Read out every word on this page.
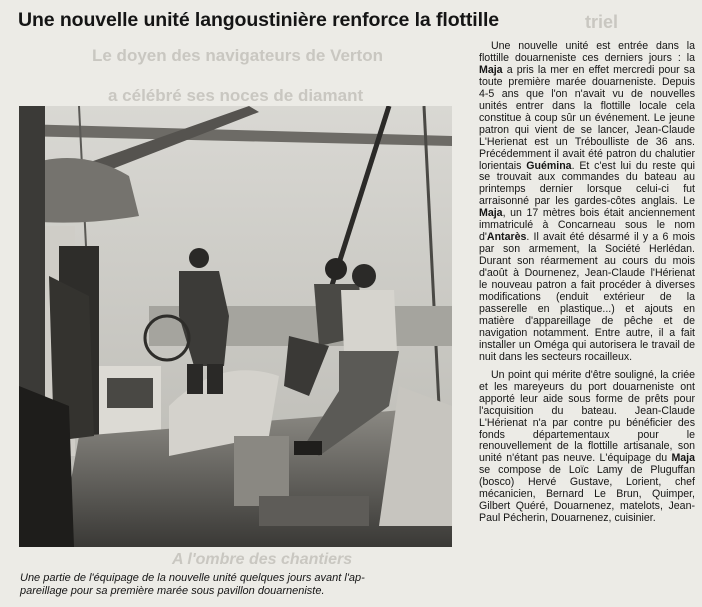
triel
Le doyen des navigateurs de Verton
a célébré ses noces de diamant
Une nouvelle unité langoustinière renforce la flottille
A l'ombre des chantiers

Une partie de l'équipage de la nouvelle unité quelques jours avant l'ap-
pareillage pour sa première marée sous pavillon douarneniste.

Une nouvelle unité est entrée dans la flottille douarneniste ces derniers jours : la Maja a pris la mer en effet mercredi pour sa toute première marée douarneniste. Depuis 4-5 ans que l'on n'avait vu de nouvelles unités entrer dans la flottille locale cela constitue à coup sûr un événement. Le jeune patron qui vient de se lancer, Jean-Claude L'Herienat est un Tréboulliste de 36 ans. Précédemment il avait été patron du chalutier lorientais Guémina. Et c'est lui du reste qui se trouvait aux commandes du bateau au printemps dernier lorsque celui-ci fut arraisonné par les gardes-côtes anglais. Le Maja, un 17 mètres bois était anciennement immatriculé à Concarneau sous le nom d'Antarès. Il avait été désarmé il y a 6 mois par son armement, la Société Herlédan. Durant son réarmement au cours du mois d'août à Dournenez, Jean-Claude l'Hérienat le nouveau patron a fait procéder à diverses modifications (enduit extérieur de la passerelle en plastique...) et ajouts en matière d'appareillage de pêche et de navigation notamment. Entre autre, il a fait installer un Oméga qui autorisera le travail de nuit dans les secteurs rocailleux.

Un point qui mérite d'être souligné, la criée et les mareyeurs du port douarneniste ont apporté leur aide sous forme de prêts pour l'acquisition du bateau. Jean-Claude L'Hérienat n'a par contre pu bénéficier des fonds départementaux pour le renouvellement de la flottille artisanale, son unité n'étant pas neuve. L'équipage du Maja se compose de Loïc Lamy de Pluguffan (bosco) Hervé Gustave, Lorient, chef mécanicien, Bernard Le Brun, Quimper, Gilbert Quéré, Douarnenez, matelots, Jean-Paul Pécherin, Douarnenez, cuisinier.
